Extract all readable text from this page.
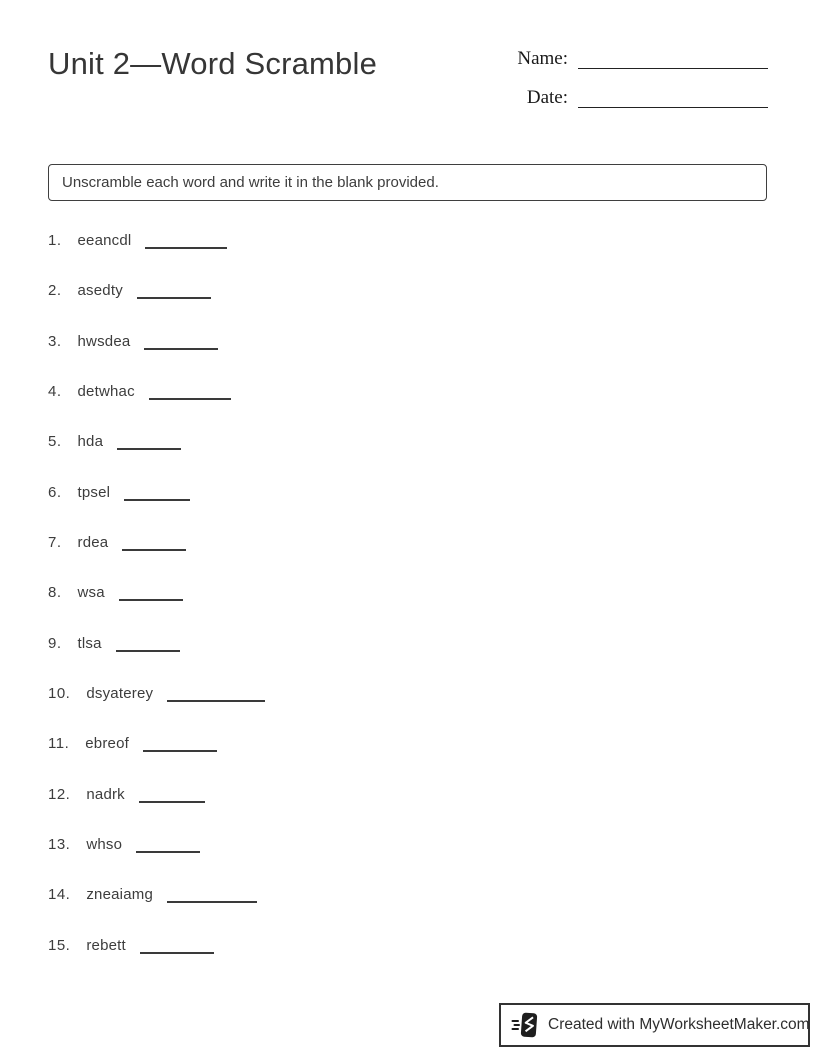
Unit 2—Word Scramble	Name:
Date:
Unscramble each word and write it in the blank provided.
1. eeancdl
2. asedty
3. hwsdea
4. detwhac
5. hda
6. tpsel
7. rdea
8. wsa
9. tlsa
10. dsyaterey
11. ebreof
12. nadrk
13. whso
14. zneaiamg
15. rebett
Created with MyWorksheetMaker.com
